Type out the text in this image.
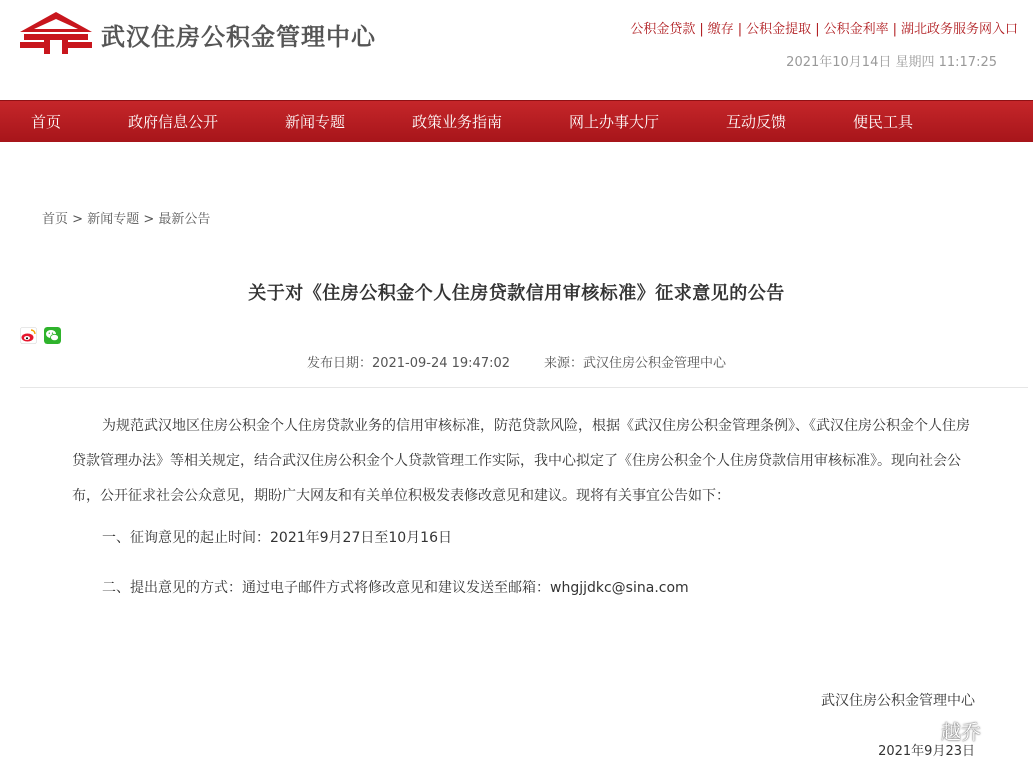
武汉住房公积金管理中心	公积金贷款 | 缴存 | 公积金提取 | 公积金利率 | 湖北政务服务网入口
2021年10月14日 星期四 11:17:25
首页	政府信息公开	新闻专题	政策业务指南	网上办事大厅	互动反馈	便民工具
首页 > 新闻专题 > 最新公告
关于对《住房公积金个人住房贷款信用审核标准》征求意见的公告
发布日期：2021-09-24 19:47:02	来源：武汉住房公积金管理中心

为规范武汉地区住房公积金个人住房贷款业务的信用审核标准，防范贷款风险，根据《武汉住房公积金管理条例》、《武汉住房公积金个人住房贷款管理办法》等相关规定，结合武汉住房公积金个人贷款管理工作实际，我中心拟定了《住房公积金个人住房贷款信用审核标准》。现向社会公布，公开征求社会公众意见，期盼广大网友和有关单位积极发表修改意见和建议。现将有关事宜公告如下：

一、征询意见的起止时间：2021年9月27日至10月16日

二、提出意见的方式：通过电子邮件方式将修改意见和建议发送至邮箱：whgjjdkc@sina.com

武汉住房公积金管理中心
2021年9月23日
越乔
